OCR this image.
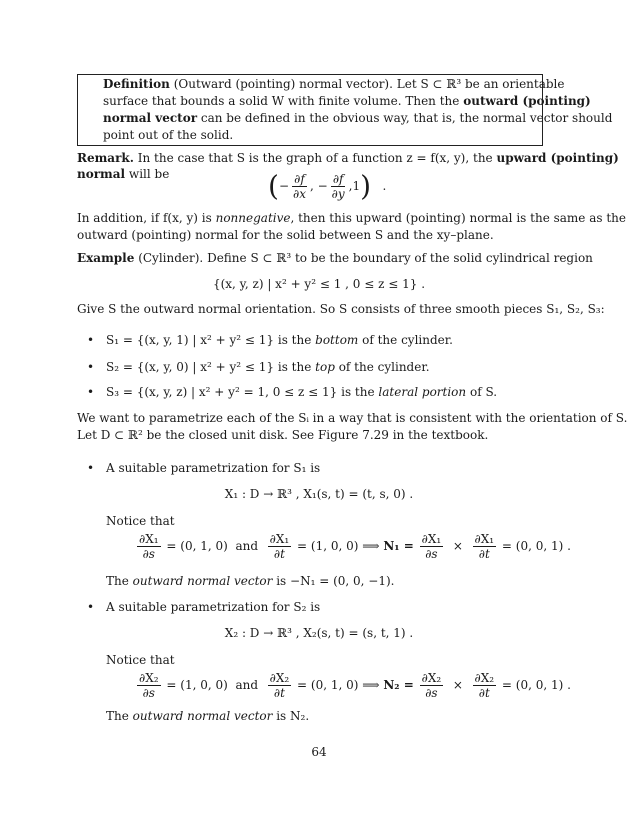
Definition (Outward (pointing) normal vector). Let S ⊂ ℝ³ be an orientable
surface that bounds a solid W with finite volume. Then the outward (pointing)
normal vector can be defined in the obvious way, that is, the normal vector should
point out of the solid.
Remark. In the case that S is the graph of a function z = f(x, y), the upward (pointing)
normal will be	(− $\frac{\partial f}{\partial x}$ , − $\frac{\partial f}{\partial y} ,1$) .
In addition, if f(x, y) is nonnegative, then this upward (pointing) normal is the same as the
outward (pointing) normal for the solid between S and the xy–plane.
Example (Cylinder). Define S ⊂ ℝ³ to be the boundary of the solid cylindrical region
{(x, y, z) | x² + y² ≤ 1 , 0 ≤ z ≤ 1} .
Give S the outward normal orientation. So S consists of three smooth pieces S₁, S₂, S₃:
• S₁ = {(x, y, 1) | x² + y² ≤ 1} is the bottom of the cylinder.
• S₂ = {(x, y, 0) | x² + y² ≤ 1} is the top of the cylinder.
• S₃ = {(x, y, z) | x² + y² = 1, 0 ≤ z ≤ 1} is the lateral portion of S.
We want to parametrize each of the Sᵢ in a way that is consistent with the orientation of S.
Let D ⊂ ℝ² be the closed unit disk. See Figure 7.29 in the textbook.
• A suitable parametrization for S₁ is
X₁ : D → ℝ³ , X₁(s, t) = (t, s, 0) .
Notice that
$\frac{\text{∂X₁}}{\partial s} = (0$, 1, 0) and $\frac{\text{∂X₁}}{\partial t} = (1$, 0, 0) ⟹ $N_1 = \frac{\text{∂X₁}}{\partial s} \times \frac{\text{∂X₁}}{\partial t} = (0$, 0, 1) .
The outward normal vector is −N₁ = (0, 0, −1).
• A suitable parametrization for S₂ is
X₂ : D → ℝ³ , X₂(s, t) = (s, t, 1) .
Notice that
$\frac{\text{∂X₂}}{\partial s} = (1$, 0, 0) and $\frac{\text{∂X₂}}{\partial t} = (0$, 1, 0) ⟹ $N_2 = \frac{\text{∂X₂}}{\partial s} \times \frac{\text{∂X₂}}{\partial t} = (0$, 0, 1) .
The outward normal vector is N₂.
64
